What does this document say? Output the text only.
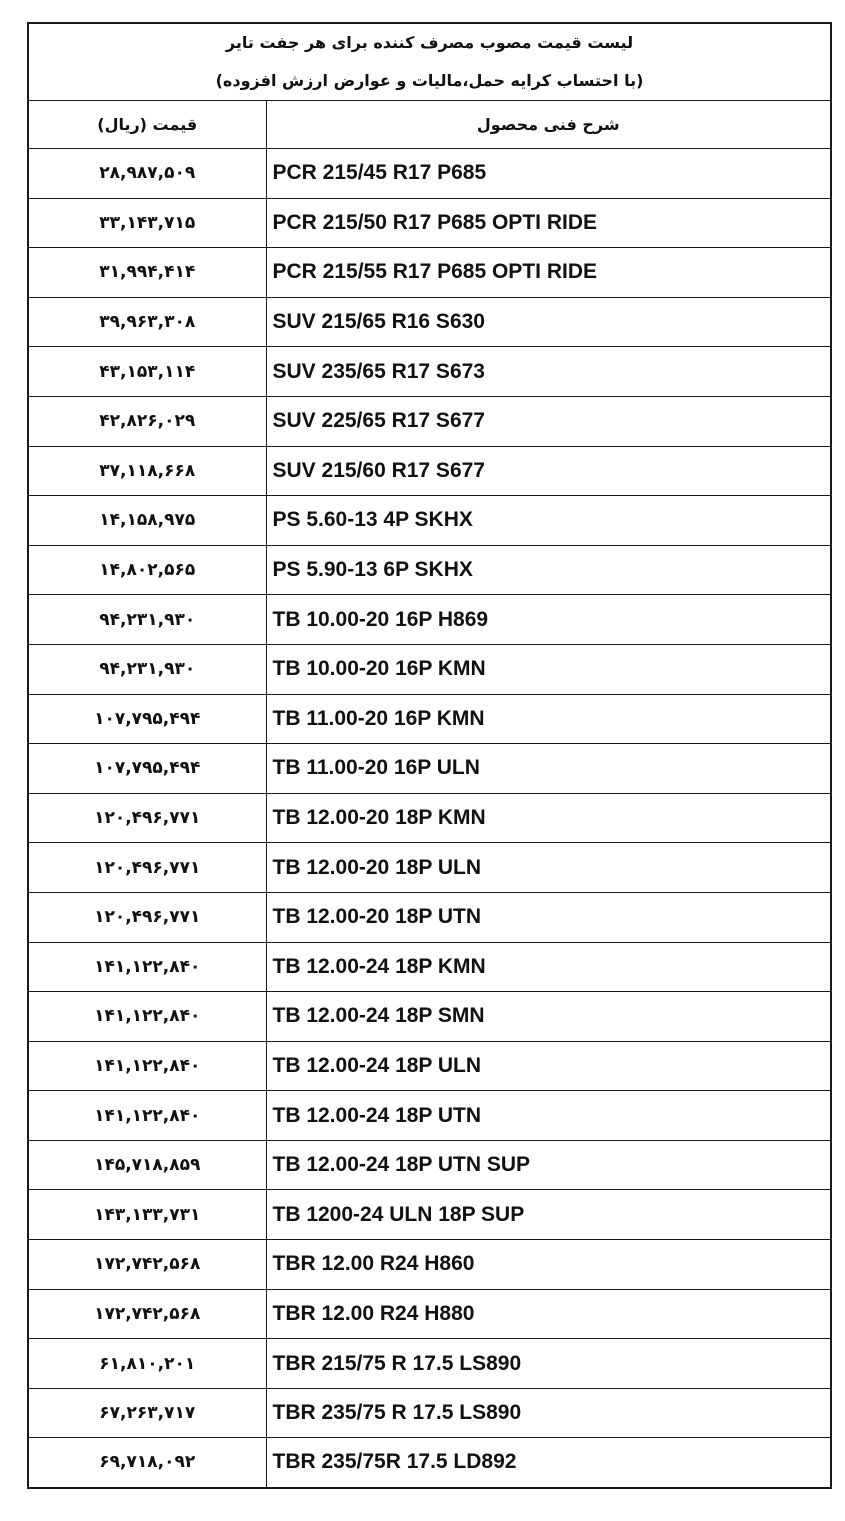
لیست قیمت مصوب مصرف کننده برای هر جفت تایر
(با احتساب کرایه حمل،مالیات و عوارض ارزش افزوده)	

قیمت (ریال)	شرح فنی محصول
۲۸,۹۸۷,۵۰۹	PCR 215/45 R17 P685
۳۳,۱۴۳,۷۱۵	PCR 215/50 R17 P685 OPTI RIDE
۳۱,۹۹۴,۴۱۴	PCR 215/55 R17 P685 OPTI RIDE
۳۹,۹۶۳,۳۰۸	SUV 215/65 R16 S630
۴۳,۱۵۳,۱۱۴	SUV 235/65 R17 S673
۴۲,۸۲۶,۰۲۹	SUV 225/65 R17 S677
۳۷,۱۱۸,۶۶۸	SUV 215/60 R17 S677
۱۴,۱۵۸,۹۷۵	PS 5.60-13 4P SKHX
۱۴,۸۰۲,۵۶۵	PS 5.90-13 6P SKHX
۹۴,۲۳۱,۹۳۰	TB 10.00-20 16P H869
۹۴,۲۳۱,۹۳۰	TB 10.00-20 16P KMN
۱۰۷,۷۹۵,۴۹۴	TB 11.00-20 16P KMN
۱۰۷,۷۹۵,۴۹۴	TB 11.00-20 16P ULN
۱۲۰,۴۹۶,۷۷۱	TB 12.00-20 18P KMN
۱۲۰,۴۹۶,۷۷۱	TB 12.00-20 18P ULN
۱۲۰,۴۹۶,۷۷۱	TB 12.00-20 18P UTN
۱۴۱,۱۲۲,۸۴۰	TB 12.00-24 18P KMN
۱۴۱,۱۲۲,۸۴۰	TB 12.00-24 18P SMN
۱۴۱,۱۲۲,۸۴۰	TB 12.00-24 18P ULN
۱۴۱,۱۲۲,۸۴۰	TB 12.00-24 18P UTN
۱۴۵,۷۱۸,۸۵۹	TB 12.00-24 18P UTN SUP
۱۴۳,۱۳۳,۷۳۱	TB 1200-24 ULN 18P SUP
۱۷۲,۷۴۲,۵۶۸	TBR 12.00 R24 H860
۱۷۲,۷۴۲,۵۶۸	TBR 12.00 R24 H880
۶۱,۸۱۰,۲۰۱	TBR 215/75 R 17.5 LS890
۶۷,۲۶۳,۷۱۷	TBR 235/75 R 17.5 LS890
۶۹,۷۱۸,۰۹۲	TBR 235/75R 17.5 LD892
